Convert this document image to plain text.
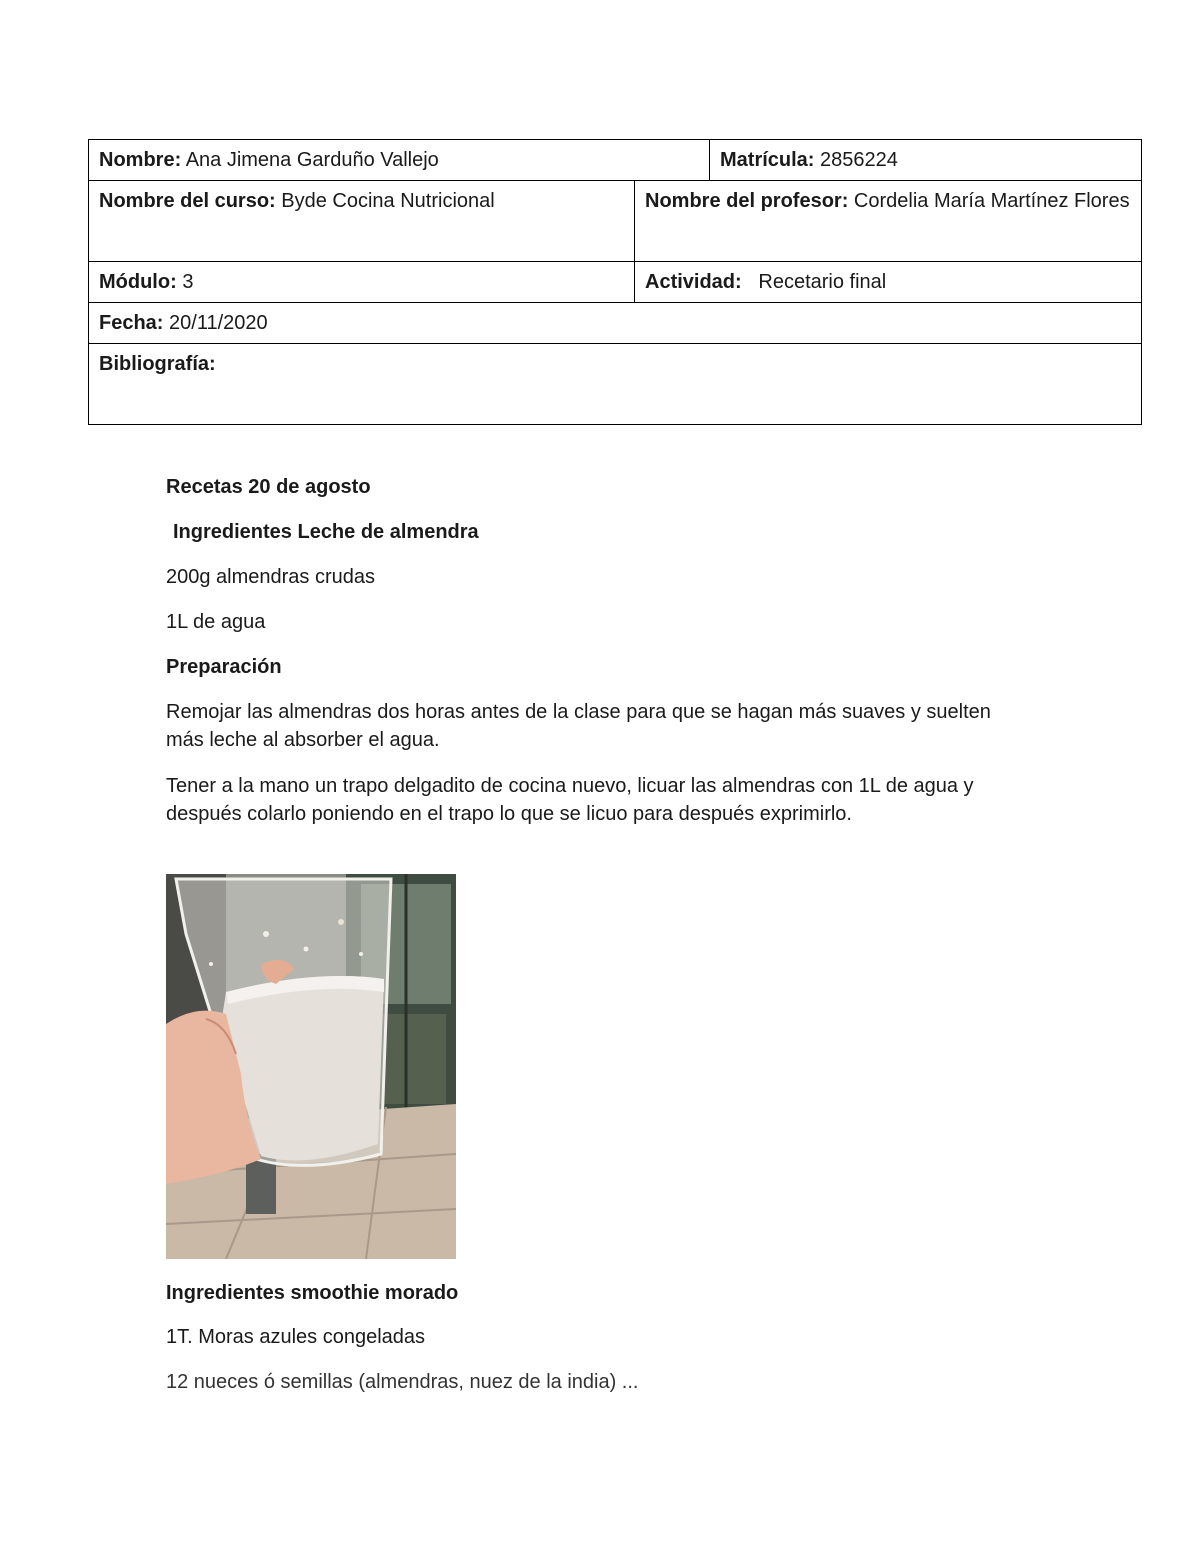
Nombre: Ana Jimena Garduño Vallejo		Matrícula: 2856224
Nombre del curso: Byde Cocina Nutricional	Nombre del profesor: Cordelia María Martínez Flores	
Módulo: 3	Actividad: Recetario final	
Fecha: 20/11/2020		
Bibliografía:		
Recetas 20 de agosto
Ingredientes Leche de almendra
200g almendras crudas
1L de agua
Preparación
Remojar las almendras dos horas antes de la clase para que se hagan más suaves y suelten más leche al absorber el agua.
Tener a la mano un trapo delgadito de cocina nuevo, licuar las almendras con 1L de agua y después colarlo poniendo en el trapo lo que se licuo para después exprimirlo.
Ingredientes smoothie morado
1T. Moras azules congeladas
12 nueces ó semillas (almendras, nuez de la india) ...
